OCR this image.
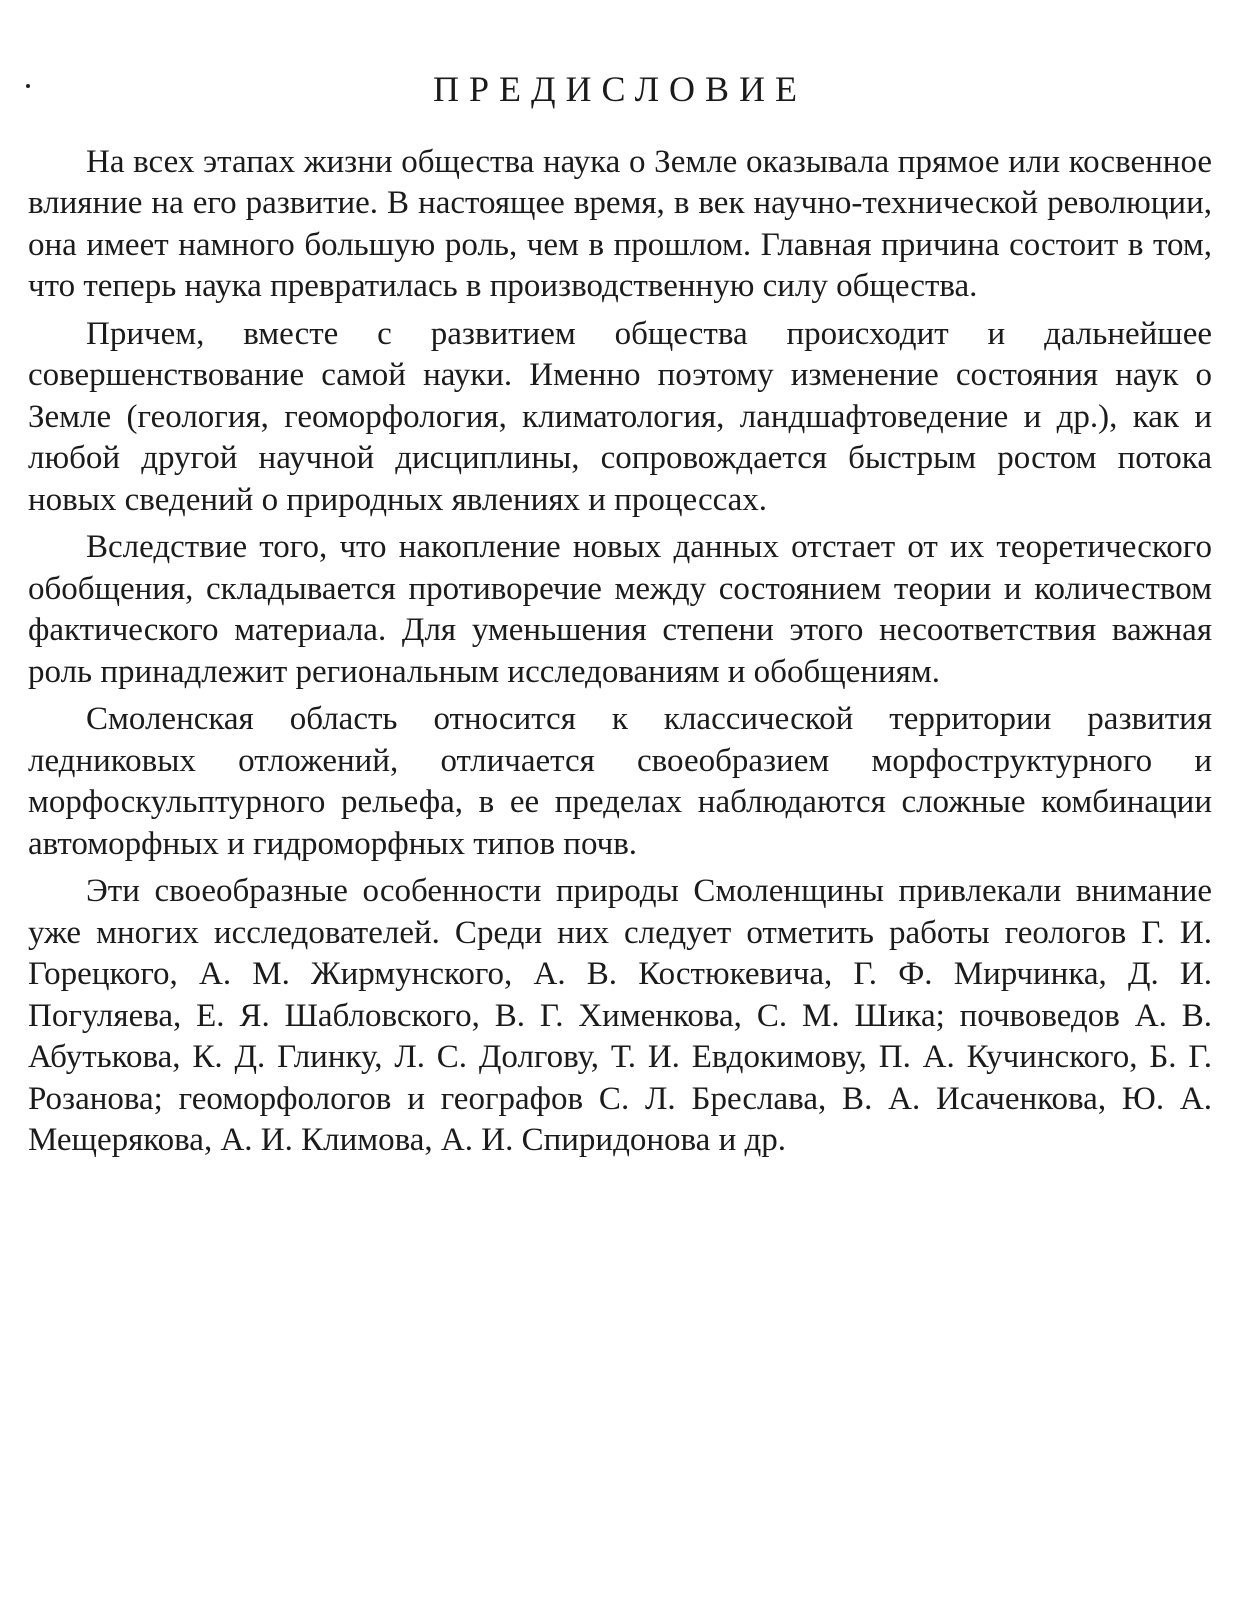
ПРЕДИСЛОВИЕ

На всех этапах жизни общества наука о Земле оказывала прямое или косвенное влияние на его развитие. В настоящее время, в век научно-технической революции, она имеет намного большую роль, чем в прошлом. Главная причина состоит в том, что теперь наука превратилась в производственную силу общества.

Причем, вместе с развитием общества происходит и дальнейшее совершенствование самой науки. Именно поэтому изменение состояния наук о Земле (геология, геоморфология, климатология, ландшафтоведение и др.), как и любой другой научной дисциплины, сопровождается быстрым ростом потока новых сведений о природных явлениях и процессах.

Вследствие того, что накопление новых данных отстает от их теоретического обобщения, складывается противоречие между состоянием теории и количеством фактического материала. Для уменьшения степени этого несоответствия важная роль принадлежит региональным исследованиям и обобщениям.

Смоленская область относится к классической территории развития ледниковых отложений, отличается своеобразием морфоструктурного и морфоскульптурного рельефа, в ее пределах наблюдаются сложные комбинации автоморфных и гидроморфных типов почв.

Эти своеобразные особенности природы Смоленщины привлекали внимание уже многих исследователей. Среди них следует отметить работы геологов Г. И. Горецкого, А. М. Жирмунского, А. В. Костюкевича, Г. Ф. Мирчинка, Д. И. Погуляева, Е. Я. Шабловского, В. Г. Хименкова, С. М. Шика; почвоведов А. В. Абутькова, К. Д. Глинку, Л. С. Долгову, Т. И. Евдокимову, П. А. Кучинского, Б. Г. Розанова; геоморфологов и географов С. Л. Бреслава, В. А. Исаченкова, Ю. А. Мещерякова, А. И. Климова, А. И. Спиридонова и др.
